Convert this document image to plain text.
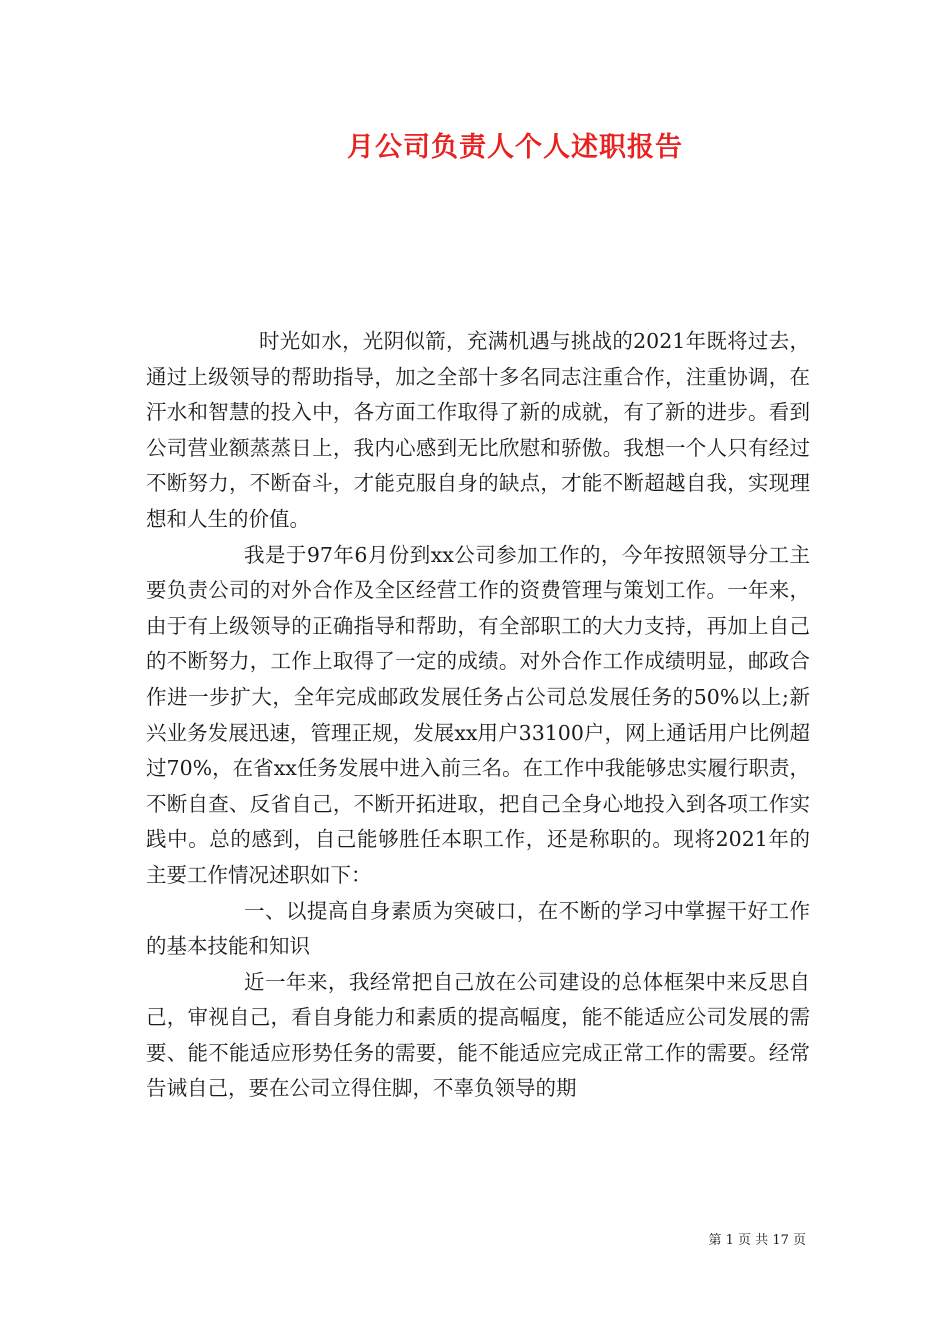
月公司负责人个人述职报告

时光如水，光阴似箭，充满机遇与挑战的2021年既将过去，通过上级领导的帮助指导，加之全部十多名同志注重合作，注重协调，在汗水和智慧的投入中，各方面工作取得了新的成就，有了新的进步。看到公司营业额蒸蒸日上，我内心感到无比欣慰和骄傲。我想一个人只有经过不断努力，不断奋斗，才能克服自身的缺点，才能不断超越自我，实现理想和人生的价值。

我是于97年6月份到xx公司参加工作的，今年按照领导分工主要负责公司的对外合作及全区经营工作的资费管理与策划工作。一年来，由于有上级领导的正确指导和帮助，有全部职工的大力支持，再加上自己的不断努力，工作上取得了一定的成绩。对外合作工作成绩明显，邮政合作进一步扩大，全年完成邮政发展任务占公司总发展任务的50%以上;新兴业务发展迅速，管理正规，发展xx用户33100户，网上通话用户比例超过70%，在省xx任务发展中进入前三名。在工作中我能够忠实履行职责，不断自查、反省自己，不断开拓进取，把自己全身心地投入到各项工作实践中。总的感到，自己能够胜任本职工作，还是称职的。现将2021年的主要工作情况述职如下：

一、以提高自身素质为突破口，在不断的学习中掌握干好工作的基本技能和知识

近一年来，我经常把自己放在公司建设的总体框架中来反思自己，审视自己，看自身能力和素质的提高幅度，能不能适应公司发展的需要、能不能适应形势任务的需要，能不能适应完成正常工作的需要。经常告诫自己，要在公司立得住脚，不辜负领导的期

第 1 页 共 17 页
